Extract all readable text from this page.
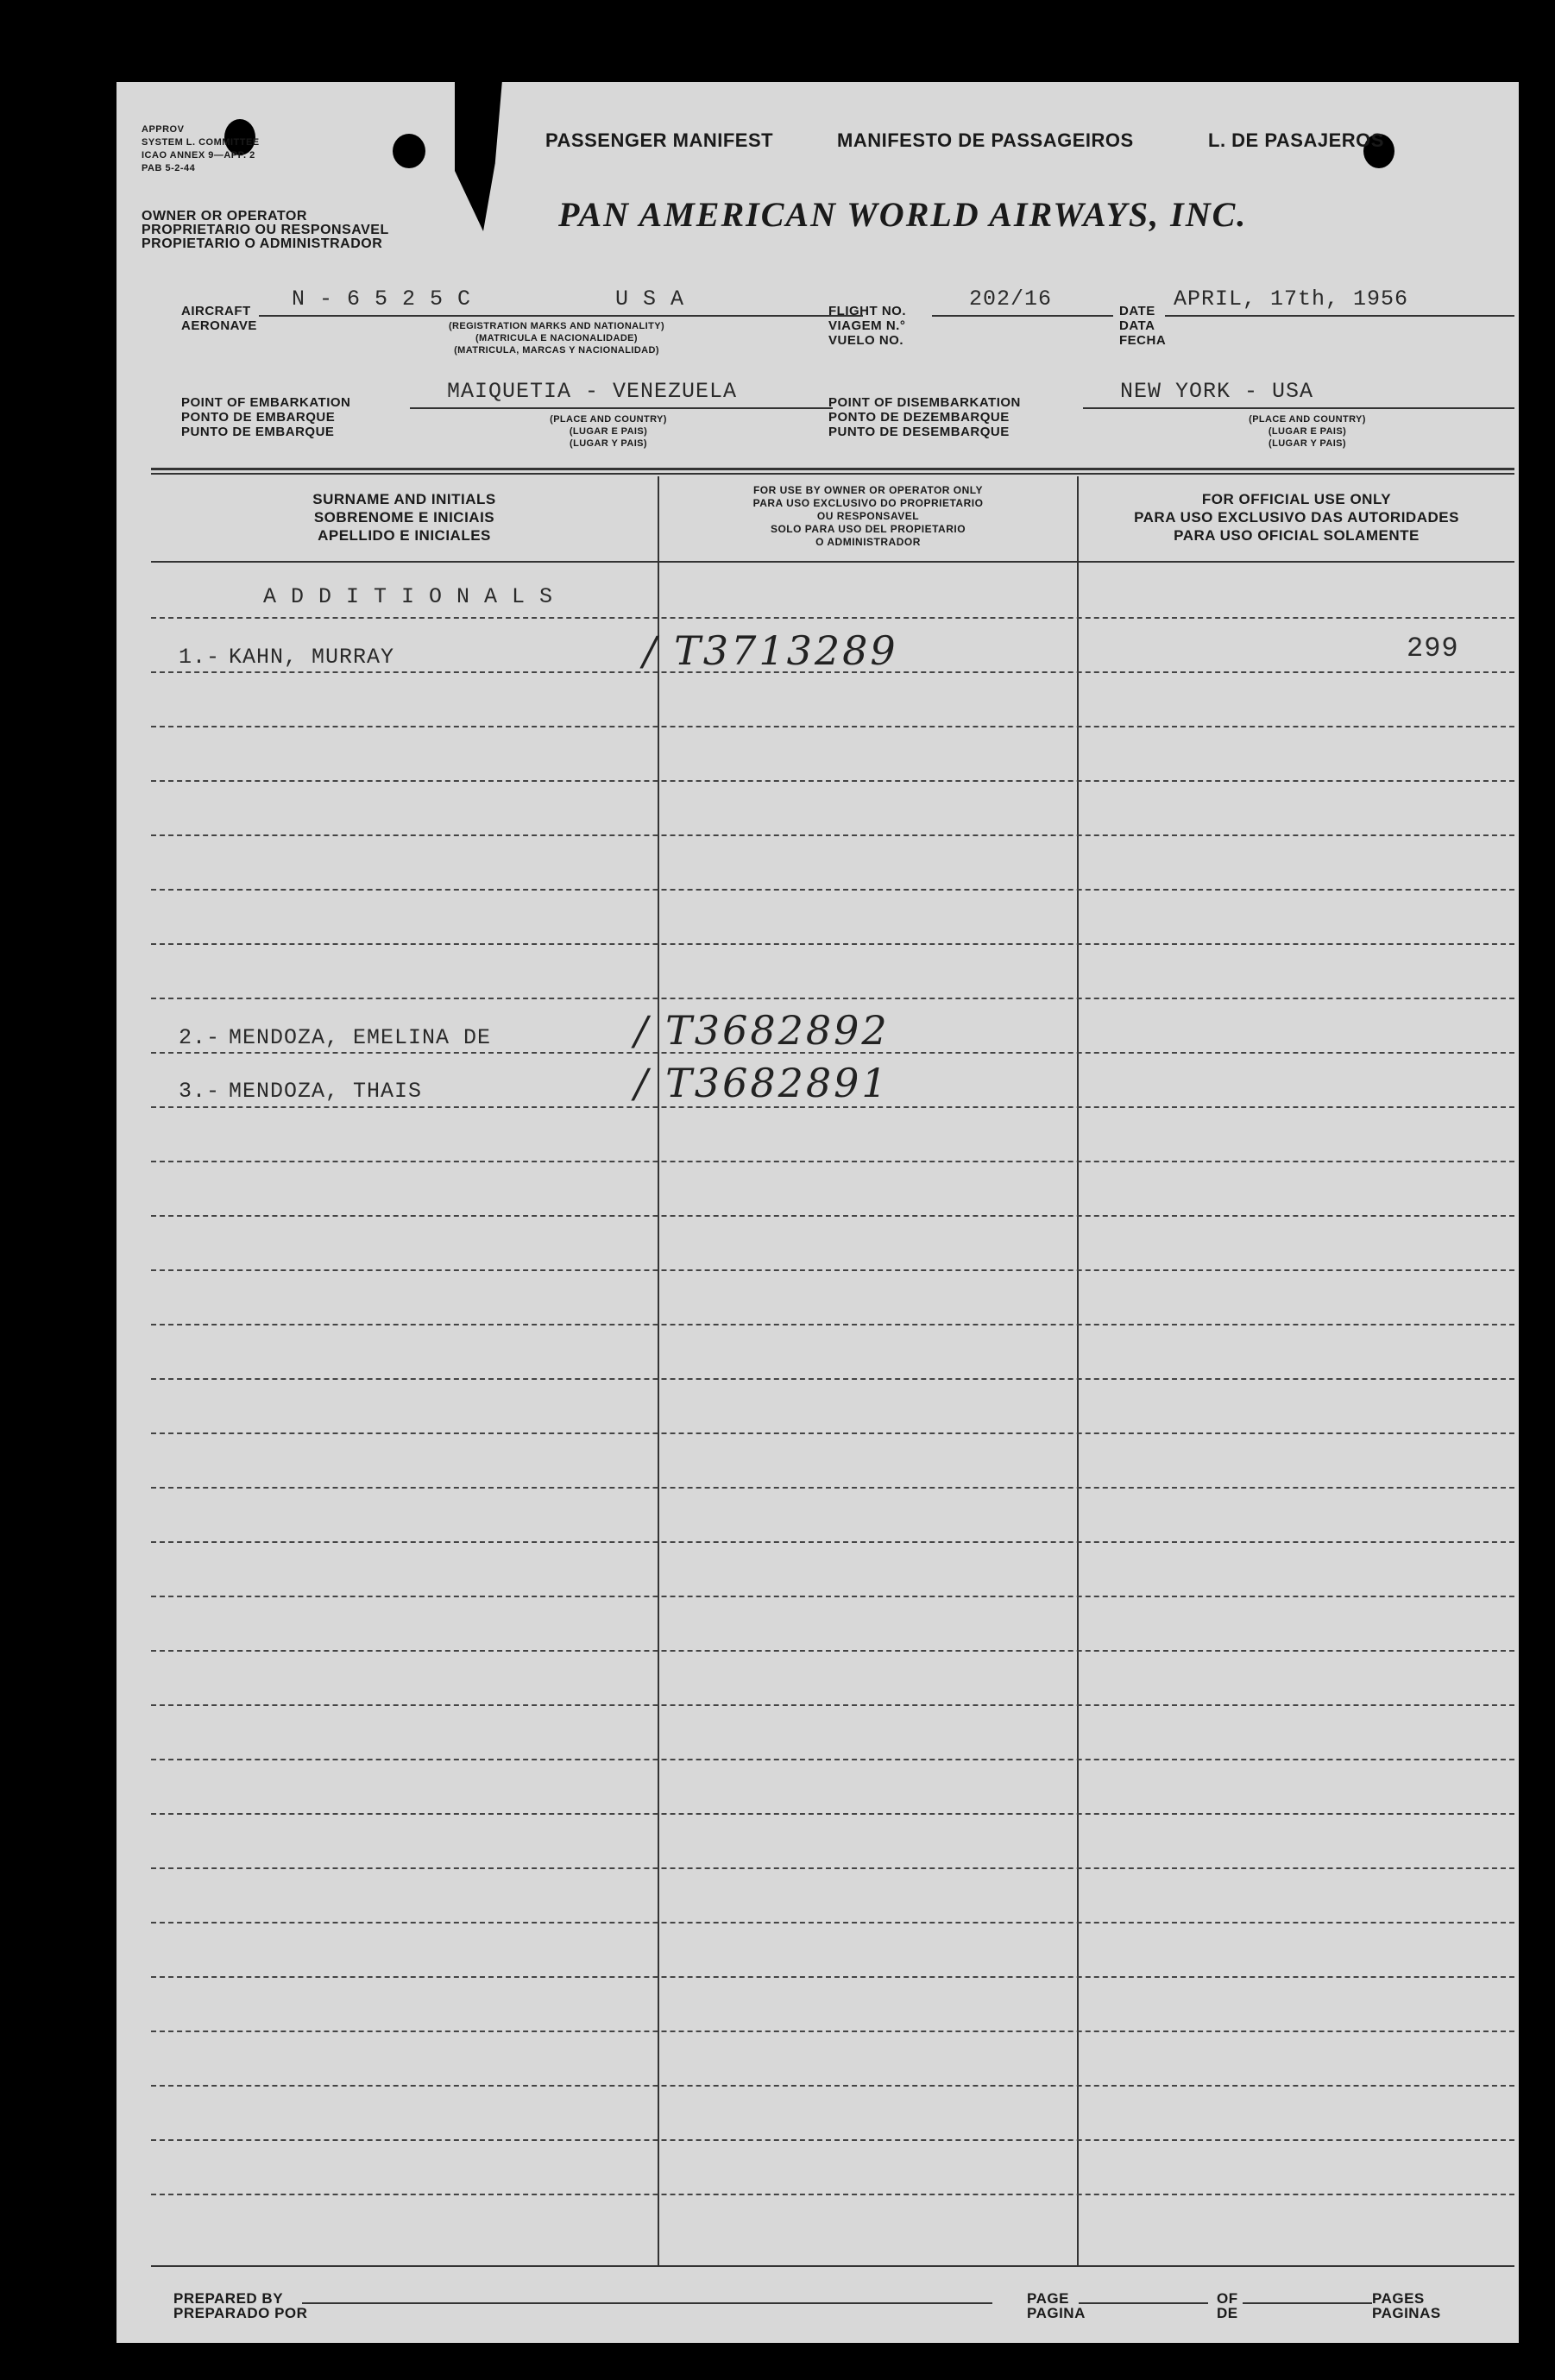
APPROV
SYSTEM L. COMMITTEE
ICAO ANNEX 9—APP. 2
PAB 5-2-44
OWNER OR OPERATOR
PROPRIETARIO OU RESPONSAVEL
PROPIETARIO O ADMINISTRADOR
PASSENGER MANIFEST	MANIFESTO DE PASSAGEIROS	L. DE PASAJEROS
PAN AMERICAN WORLD AIRWAYS, INC.
AIRCRAFT
AERONAVE
N - 6 5 2 5 C	U S A
(REGISTRATION MARKS AND NATIONALITY)
(MATRICULA E NACIONALIDADE)
(MATRICULA, MARCAS Y NACIONALIDAD)
FLIGHT NO.
VIAGEM N.°
VUELO NO.
202/16	DATE
DATA
FECHA
APRIL, 17th, 1956
POINT OF EMBARKATION
PONTO DE EMBARQUE
PUNTO DE EMBARQUE
MAIQUETIA - VENEZUELA
(PLACE AND COUNTRY)
(LUGAR E PAIS)
(LUGAR Y PAIS)
POINT OF DISEMBARKATION
PONTO DE DEZEMBARQUE
PUNTO DE DESEMBARQUE
NEW YORK - USA
(PLACE AND COUNTRY)
(LUGAR E PAIS)
(LUGAR Y PAIS)
SURNAME AND INITIALS
SOBRENOME E INICIAIS
APELLIDO E INICIALES
FOR USE BY OWNER OR OPERATOR ONLY
PARA USO EXCLUSIVO DO PROPRIETARIO
OU RESPONSAVEL
SOLO PARA USO DEL PROPIETARIO
O ADMINISTRADOR
FOR OFFICIAL USE ONLY
PARA USO EXCLUSIVO DAS AUTORIDADES
PARA USO OFICIAL SOLAMENTE
A D D I T I O N A L S
1.- KAHN, MURRAY	/ T3713289	299
2.- MENDOZA, EMELINA DE	/ T3682892
3.- MENDOZA, THAIS	/ T3682891
PREPARED BY
PREPARADO POR
PAGE
PAGINA
OF
DE
PAGES
PAGINAS
